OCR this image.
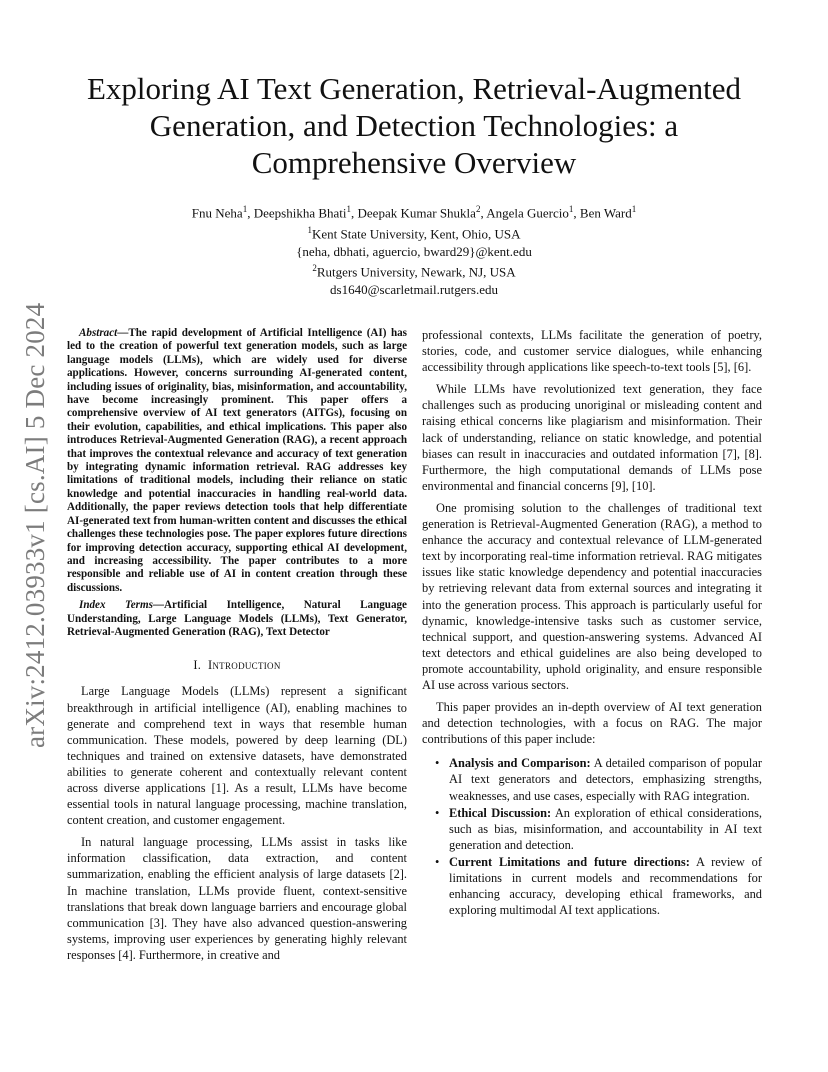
arXiv:2412.03933v1 [cs.AI] 5 Dec 2024
Exploring AI Text Generation, Retrieval-Augmented
Generation, and Detection Technologies: a
Comprehensive Overview
Fnu Neha$^1$, Deepshikha Bhati$^1$, Deepak Kumar Shukla$^2$, Angela Guercio$^1$, Ben Ward$^1$
$^1$Kent State University, Kent, Ohio, USA
{neha, dbhati, aguercio, bward29}@kent.edu
$^2$Rutgers University, Newark, NJ, USA
ds1640@scarletmail.rutgers.edu

Abstract—The rapid development of Artificial Intelligence (AI) has led to the creation of powerful text generation models, such as large language models (LLMs), which are widely used for diverse applications. However, concerns surrounding AI-generated content, including issues of originality, bias, misinformation, and accountability, have become increasingly prominent. This paper offers a comprehensive overview of AI text generators (AITGs), focusing on their evolution, capabilities, and ethical implications. This paper also introduces Retrieval-Augmented Generation (RAG), a recent approach that improves the contextual relevance and accuracy of text generation by integrating dynamic information retrieval. RAG addresses key limitations of traditional models, including their reliance on static knowledge and potential inaccuracies in handling real-world data. Additionally, the paper reviews detection tools that help differentiate AI-generated text from human-written content and discusses the ethical challenges these technologies pose. The paper explores future directions for improving detection accuracy, supporting ethical AI development, and increasing accessibility. The paper contributes to a more responsible and reliable use of AI in content creation through these discussions.

Index Terms—Artificial Intelligence, Natural Language Understanding, Large Language Models (LLMs), Text Generator, Retrieval-Augmented Generation (RAG), Text Detector

I. Introduction

Large Language Models (LLMs) represent a significant breakthrough in artificial intelligence (AI), enabling machines to generate and comprehend text in ways that resemble human communication. These models, powered by deep learning (DL) techniques and trained on extensive datasets, have demonstrated abilities to generate coherent and contextually relevant content across diverse applications [1]. As a result, LLMs have become essential tools in natural language processing, machine translation, content creation, and customer engagement.

In natural language processing, LLMs assist in tasks like information classification, data extraction, and content summarization, enabling the efficient analysis of large datasets [2]. In machine translation, LLMs provide fluent, context-sensitive translations that break down language barriers and encourage global communication [3]. They have also advanced question-answering systems, improving user experiences by generating highly relevant responses [4]. Furthermore, in creative and

professional contexts, LLMs facilitate the generation of poetry, stories, code, and customer service dialogues, while enhancing accessibility through applications like speech-to-text tools [5], [6].

While LLMs have revolutionized text generation, they face challenges such as producing unoriginal or misleading content and raising ethical concerns like plagiarism and misinformation. Their lack of understanding, reliance on static knowledge, and potential biases can result in inaccuracies and outdated information [7], [8]. Furthermore, the high computational demands of LLMs pose environmental and financial concerns [9], [10].

One promising solution to the challenges of traditional text generation is Retrieval-Augmented Generation (RAG), a method to enhance the accuracy and contextual relevance of LLM-generated text by incorporating real-time information retrieval. RAG mitigates issues like static knowledge dependency and potential inaccuracies by retrieving relevant data from external sources and integrating it into the generation process. This approach is particularly useful for dynamic, knowledge-intensive tasks such as customer service, technical support, and question-answering systems. Advanced AI text detectors and ethical guidelines are also being developed to promote accountability, uphold originality, and ensure responsible AI use across various sectors.

This paper provides an in-depth overview of AI text generation and detection technologies, with a focus on RAG. The major contributions of this paper include:

• Analysis and Comparison: A detailed comparison of popular AI text generators and detectors, emphasizing strengths, weaknesses, and use cases, especially with RAG integration.
• Ethical Discussion: An exploration of ethical considerations, such as bias, misinformation, and accountability in AI text generation and detection.
• Current Limitations and future directions: A review of limitations in current models and recommendations for enhancing accuracy, developing ethical frameworks, and exploring multimodal AI text applications.
